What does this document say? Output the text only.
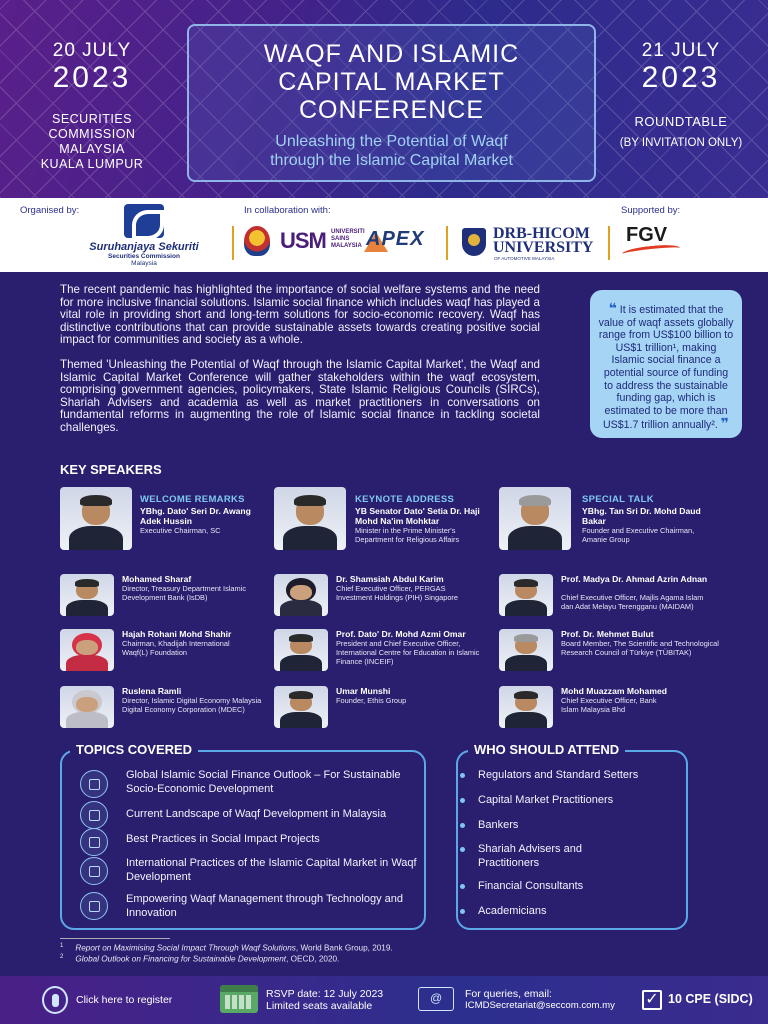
20 JULY
2023
SECURITIES
COMMISSION
MALAYSIA
KUALA LUMPUR
WAQF AND ISLAMIC
CAPITAL MARKET
CONFERENCE
Unleashing the Potential of Waqf
through the Islamic Capital Market
21 JULY
2023
ROUNDTABLE
(BY INVITATION ONLY)
Organised by:	In collaboration with:	Supported by:
Suruhanjaya Sekuriti
Securities Commission
Malaysia
USM UNIVERSITI
SAINS
MALAYSIA APEX	DRB-HICOM
UNIVERSITY
OF AUTOMOTIVE MALAYSIA
FGV

The recent pandemic has highlighted the importance of social welfare systems and the need for more inclusive financial solutions. Islamic social finance which includes waqf has played a vital role in providing short and long-term solutions for socio-economic recovery. Waqf has distinctive contributions that can provide sustainable assets towards creating positive social impact for communities and society as a whole.

Themed 'Unleashing the Potential of Waqf through the Islamic Capital Market', the Waqf and Islamic Capital Market Conference will gather stakeholders within the waqf ecosystem, comprising government agencies, policymakers, State Islamic Religious Councils (SIRCs), Shariah Advisers and academia as well as market practitioners in conversations on fundamental reforms in augmenting the role of Islamic social finance in tackling societal challenges.

❝ It is estimated that the value of waqf assets globally range from US$100 billion to US$1 trillion¹, making Islamic social finance a potential source of funding to address the sustainable funding gap, which is estimated to be more than US$1.7 trillion annually². ❞
KEY SPEAKERS
WELCOME REMARKS
YBhg. Dato' Seri Dr. Awang Adek Hussin
Executive Chairman, SC
KEYNOTE ADDRESS
YB Senator Dato' Setia Dr. Haji Mohd Na'im Mohktar
Minister in the Prime Minister's Department for Religious Affairs
SPECIAL TALK
YBhg. Tan Sri Dr. Mohd Daud Bakar
Founder and Executive Chairman, Amanie Group
Mohamed Sharaf
Director, Treasury Department Islamic Development Bank (IsDB)
Dr. Shamsiah Abdul Karim
Chief Executive Officer, PERGAS Investment Holdings (PIH) Singapore
Prof. Madya Dr. Ahmad Azrin Adnan
Chief Executive Officer, Majlis Agama Islam dan Adat Melayu Terengganu (MAIDAM)
Hajah Rohani Mohd Shahir
Chairman, Khadijah International Waqf(L) Foundation
Prof. Dato' Dr. Mohd Azmi Omar
President and Chief Executive Officer, International Centre for Education in Islamic Finance (INCEIF)
Prof. Dr. Mehmet Bulut
Board Member, The Scientific and Technological Research Council of Türkiye (TÜBITAK)
Ruslena Ramli
Director, Islamic Digital Economy Malaysia Digital Economy Corporation (MDEC)
Umar Munshi
Founder, Ethis Group
Mohd Muazzam Mohamed
Chief Executive Officer, Bank Islam Malaysia Bhd
TOPICS COVERED
Global Islamic Social Finance Outlook – For Sustainable Socio-Economic Development
Current Landscape of Waqf Development in Malaysia
Best Practices in Social Impact Projects
International Practices of the Islamic Capital Market in Waqf Development
Empowering Waqf Management through Technology and Innovation
WHO SHOULD ATTEND
Regulators and Standard Setters
Capital Market Practitioners
Bankers
Shariah Advisers and Practitioners
Financial Consultants
Academicians
$^1$ Report on Maximising Social Impact Through Waqf Solutions, World Bank Group, 2019.
$^2$ Global Outlook on Financing for Sustainable Development, OECD, 2020.
Click here to register	RSVP date: 12 July 2023
Limited seats available
@
For queries, email:
ICMDSecretariat@seccom.com.my ✓ 10 CPE (SIDC)
